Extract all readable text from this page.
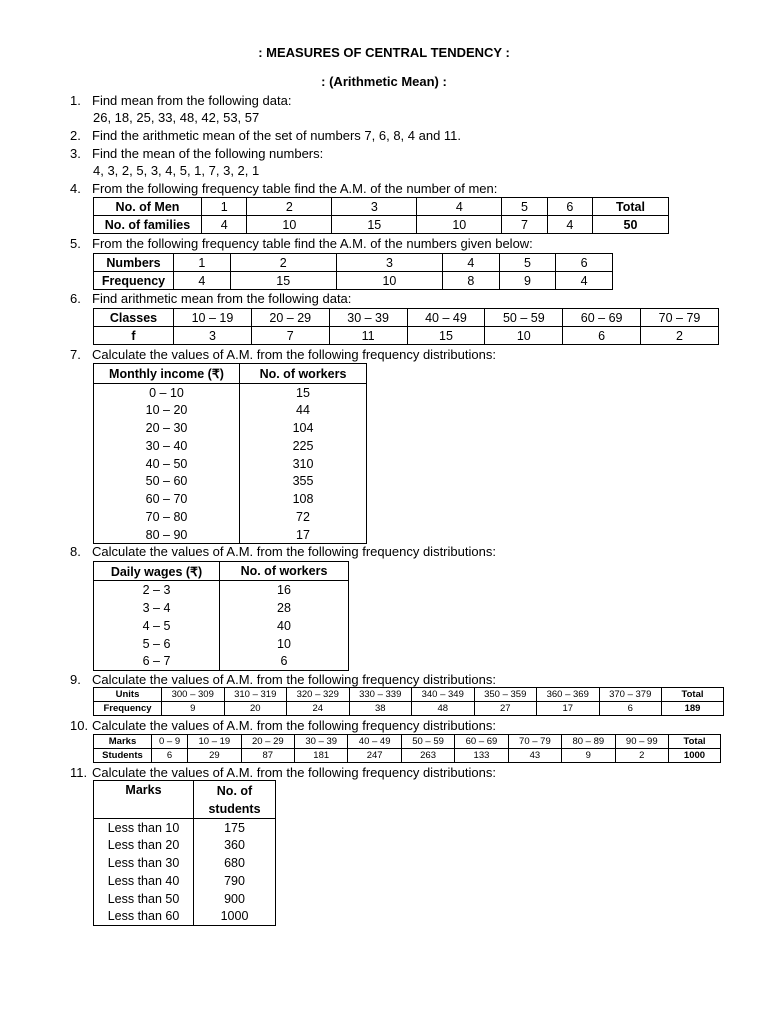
: MEASURES OF CENTRAL TENDENCY :
: (Arithmetic Mean) :
1. Find mean from the following data:
26, 18, 25, 33, 48, 42, 53, 57
2. Find the arithmetic mean of the set of numbers 7, 6, 8, 4 and 11.
3. Find the mean of the following numbers:
4, 3, 2, 5, 3, 4, 5, 1, 7, 3, 2, 1
4. From the following frequency table find the A.M. of the number of men:
No. of Men	1	2	3	4	5	6	Total
No. of families	4	10	15	10	7	4	50
5. From the following frequency table find the A.M. of the numbers given below:
Numbers	1	2	3	4	5	6
Frequency	4	15	10	8	9	4
6. Find arithmetic mean from the following data:
Classes	10 – 19	20 – 29	30 – 39	40 – 49	50 – 59	60 – 69	70 – 79
f	3	7	11	15	10	6	2
7. Calculate the values of A.M. from the following frequency distributions:
Monthly income (₹)	No. of workers
0 – 10	15
10 – 20	44
20 – 30	104
30 – 40	225
40 – 50	310
50 – 60	355
60 – 70	108
70 – 80	72
80 – 90	17
8. Calculate the values of A.M. from the following frequency distributions:
Daily wages (₹)	No. of workers
2 – 3	16
3 – 4	28
4 – 5	40
5 – 6	10
6 – 7	6
9. Calculate the values of A.M. from the following frequency distributions:
Units	300 – 309	310 – 319	320 – 329	330 – 339	340 – 349	350 – 359	360 – 369	370 – 379	Total
Frequency	9	20	24	38	48	27	17	6	189
10. Calculate the values of A.M. from the following frequency distributions:
Marks	0 – 9	10 – 19	20 – 29	30 – 39	40 – 49	50 – 59	60 – 69	70 – 79	80 – 89	90 – 99	Total
Students	6	29	87	181	247	263	133	43	9	2	1000
11. Calculate the values of A.M. from the following frequency distributions:
Marks	No. of
students
Less than 10	175
Less than 20	360
Less than 30	680
Less than 40	790
Less than 50	900
Less than 60	1000
